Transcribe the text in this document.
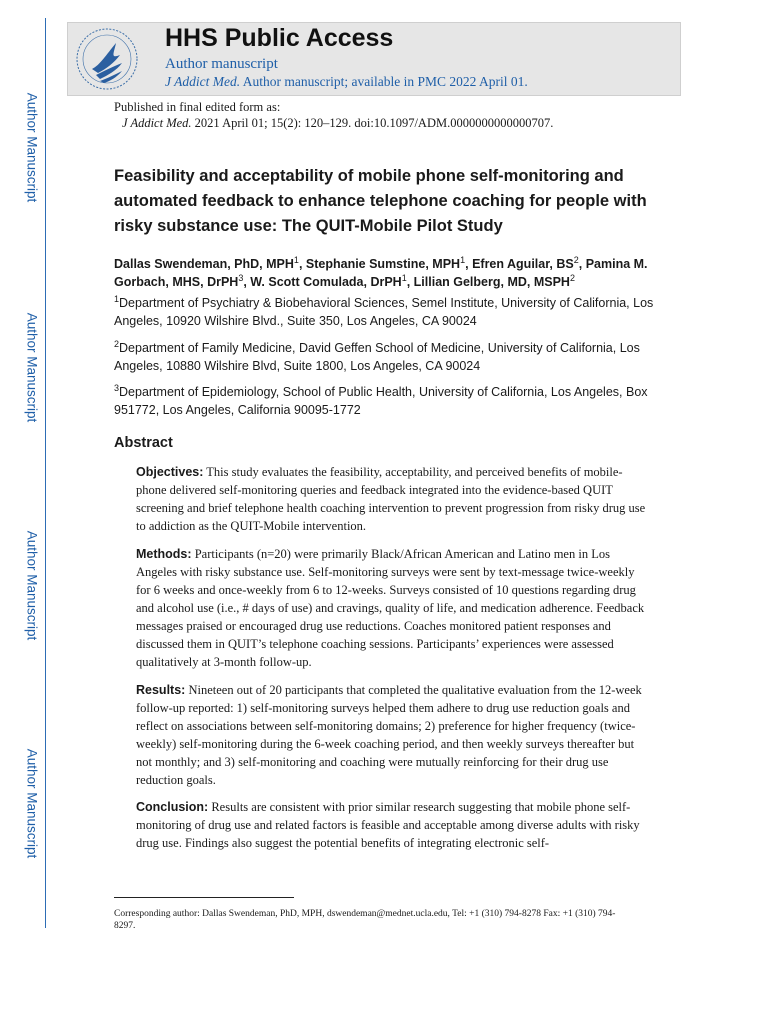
Author Manuscript
Author Manuscript
Author Manuscript
Author Manuscript
HHS Public Access
Author manuscript
J Addict Med. Author manuscript; available in PMC 2022 April 01.
Published in final edited form as:
J Addict Med. 2021 April 01; 15(2): 120–129. doi:10.1097/ADM.0000000000000707.
Feasibility and acceptability of mobile phone self-monitoring and automated feedback to enhance telephone coaching for people with risky substance use: The QUIT-Mobile Pilot Study
Dallas Swendeman, PhD, MPH$^1$, Stephanie Sumstine, MPH$^1$, Efren Aguilar, $BS^2$, Pamina M. Gorbach, MHS, DrPH$^3$, W. Scott Comulada, DrPH$^1$, Lillian Gelberg, MD, MSPH$^2$
$^1$Department of Psychiatry & Biobehavioral Sciences, Semel Institute, University of California, Los Angeles, 10920 Wilshire Blvd., Suite 350, Los Angeles, CA 90024
$^2$Department of Family Medicine, David Geffen School of Medicine, University of California, Los Angeles, 10880 Wilshire Blvd, Suite 1800, Los Angeles, CA 90024
$^3$Department of Epidemiology, School of Public Health, University of California, Los Angeles, Box 951772, Los Angeles, California 90095-1772
Abstract
Objectives: This study evaluates the feasibility, acceptability, and perceived benefits of mobile-phone delivered self-monitoring queries and feedback integrated into the evidence-based QUIT screening and brief telephone health coaching intervention to prevent progression from risky drug use to addiction as the QUIT-Mobile intervention.
Methods: Participants (n=20) were primarily Black/African American and Latino men in Los Angeles with risky substance use. Self-monitoring surveys were sent by text-message twice-weekly for 6 weeks and once-weekly from 6 to 12-weeks. Surveys consisted of 10 questions regarding drug and alcohol use (i.e., # days of use) and cravings, quality of life, and medication adherence. Feedback messages praised or encouraged drug use reductions. Coaches monitored patient responses and discussed them in QUIT’s telephone coaching sessions. Participants’ experiences were assessed qualitatively at 3-month follow-up.
Results: Nineteen out of 20 participants that completed the qualitative evaluation from the 12-week follow-up reported: 1) self-monitoring surveys helped them adhere to drug use reduction goals and reflect on associations between self-monitoring domains; 2) preference for higher frequency (twice-weekly) self-monitoring during the 6-week coaching period, and then weekly surveys thereafter but not monthly; and 3) self-monitoring and coaching were mutually reinforcing for their drug use reduction goals.
Conclusion: Results are consistent with prior similar research suggesting that mobile phone self-monitoring of drug use and related factors is feasible and acceptable among diverse adults with risky drug use. Findings also suggest the potential benefits of integrating electronic self-
Corresponding author: Dallas Swendeman, PhD, MPH, dswendeman@mednet.ucla.edu, Tel: +1 (310) 794-8278 Fax: +1 (310) 794-8297.
